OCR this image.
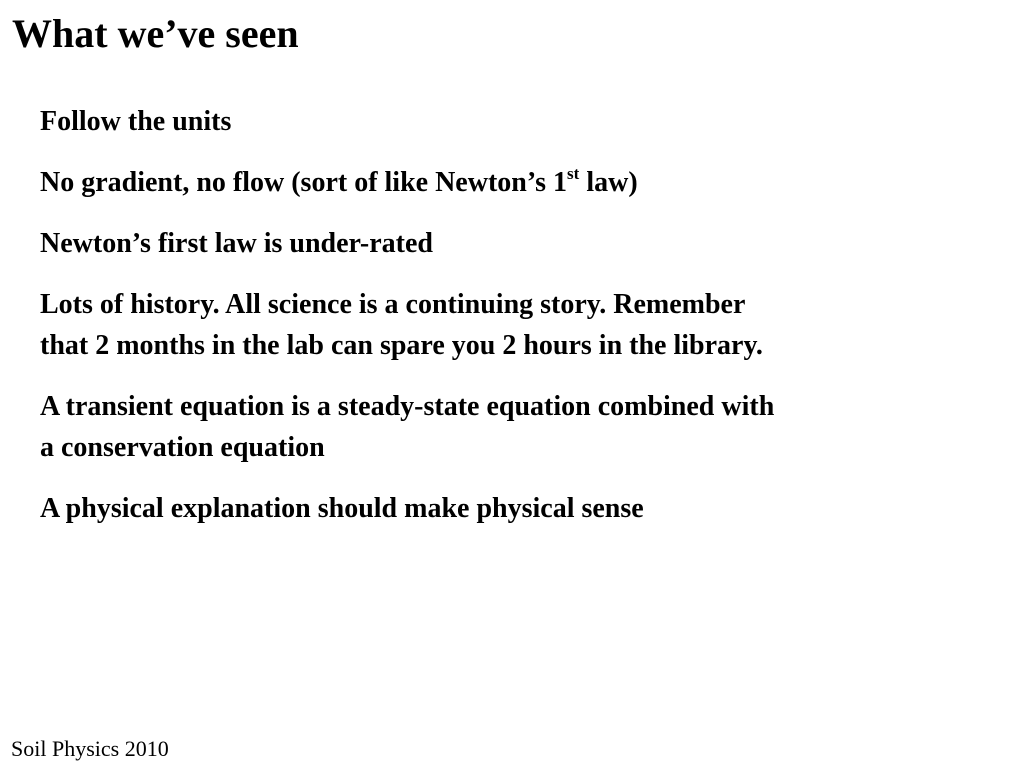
What we’ve seen
Follow the units
No gradient, no flow (sort of like Newton’s 1st law)
Newton’s first law is under-rated
Lots of history. All science is a continuing story. Remember
that 2 months in the lab can spare you 2 hours in the library.
A transient equation is a steady-state equation combined with
a conservation equation
A physical explanation should make physical sense
Soil Physics 2010
